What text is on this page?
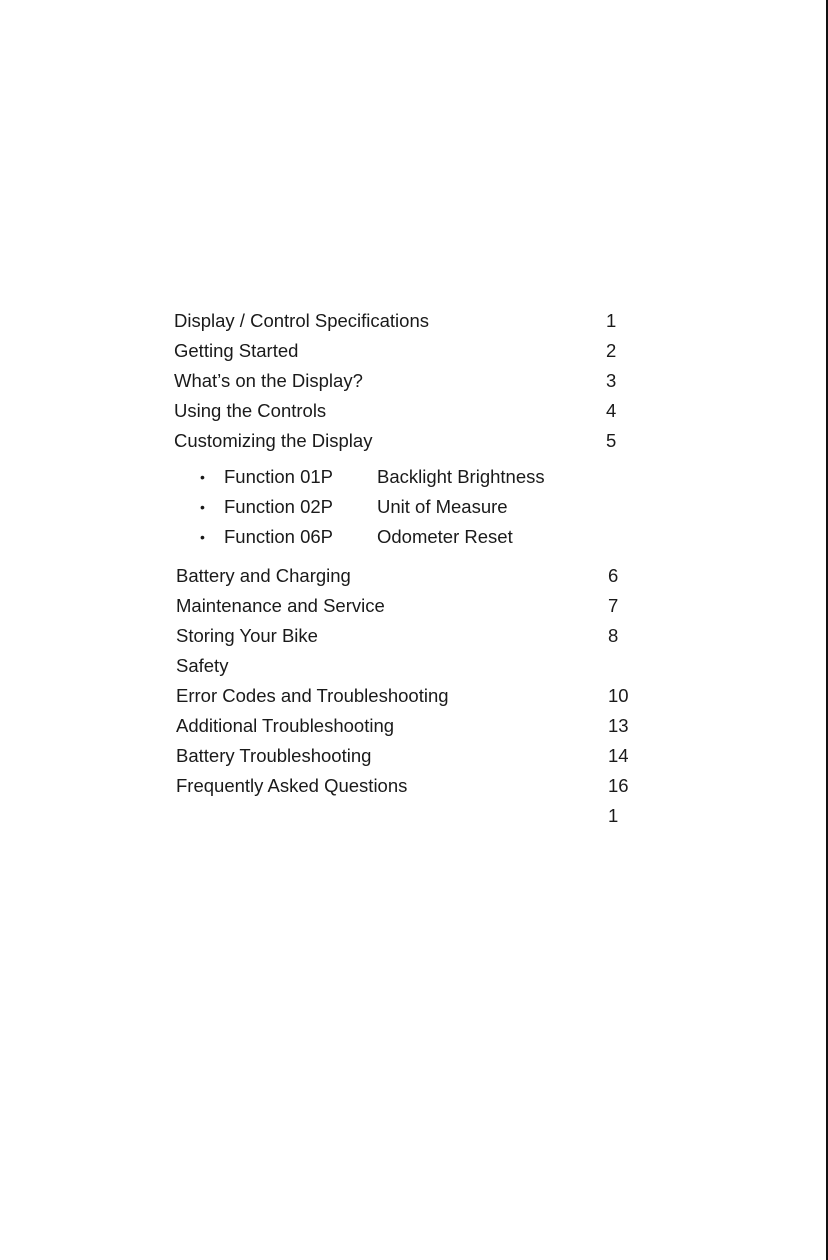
Display / Control Specifications	1
Getting Started	2
What’s on the Display?	3
Using the Controls	4
Customizing the Display	5
• Function 01P Backlight Brightness
• Function 02P Unit of Measure
• Function 06P Odometer Reset
Battery and Charging	6
Maintenance and Service	7
Storing Your Bike	8
Safety
Error Codes and Troubleshooting	10
Additional Troubleshooting	13
Battery Troubleshooting	14
Frequently Asked Questions	16
1
